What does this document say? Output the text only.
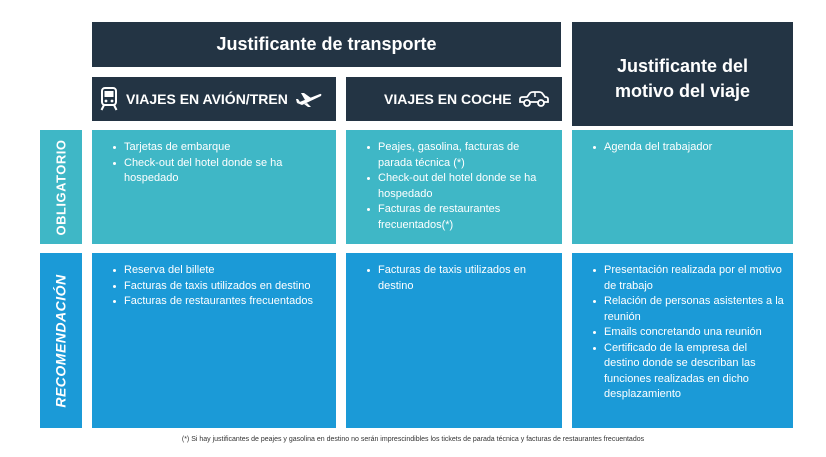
Justificante de transporte
Justificante del
motivo del viaje
VIAJES EN AVIÓN/TREN	VIAJES EN COCHE
OBLIGATORIO
RECOMENDACIÓN
Tarjetas de embarque
Check-out del hotel donde se ha hospedado
Peajes, gasolina, facturas de parada técnica (*)
Check-out del hotel donde se ha hospedado
Facturas de restaurantes frecuentados(*)
Agenda del trabajador
Reserva del billete
Facturas de taxis utilizados en destino
Facturas de restaurantes frecuentados
Facturas de taxis utilizados en destino
Presentación realizada por el motivo de trabajo
Relación de personas asistentes a la reunión
Emails concretando una reunión
Certificado de la empresa del destino donde se describan las funciones realizadas en dicho desplazamiento
(*) Si hay justificantes de peajes y gasolina en destino no serán imprescindibles los tickets de parada técnica y facturas de restaurantes frecuentados
